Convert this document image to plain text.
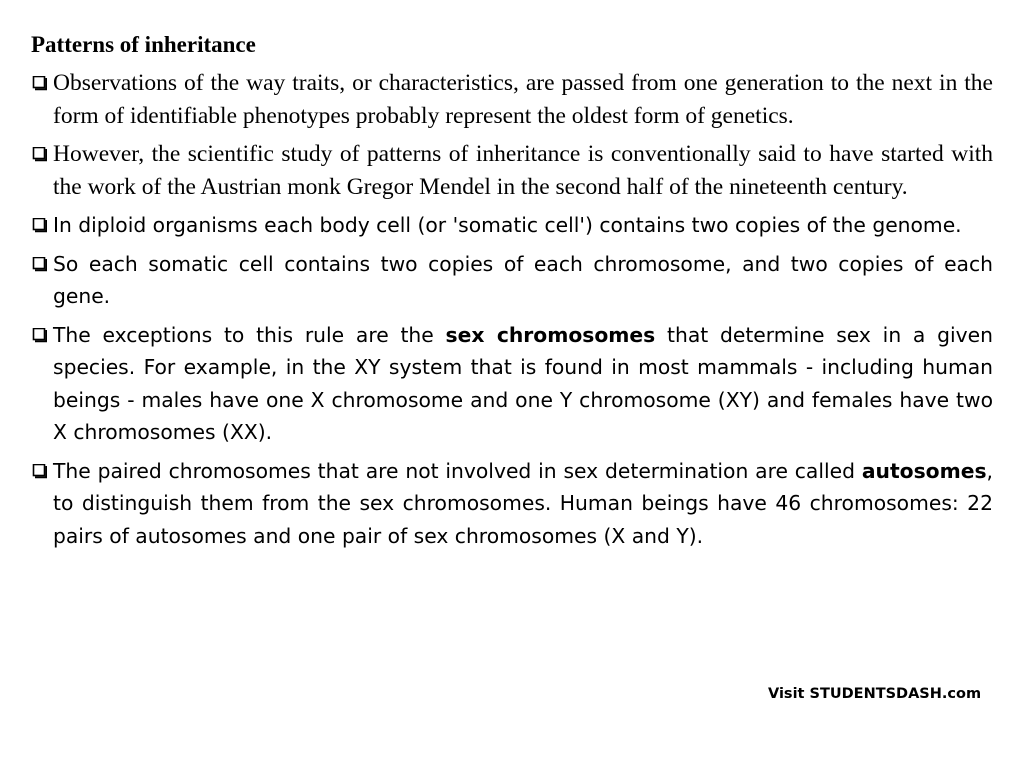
Patterns of inheritance
Observations of the way traits, or characteristics, are passed from one generation to the next in the form of identifiable phenotypes probably represent the oldest form of genetics.
However, the scientific study of patterns of inheritance is conventionally said to have started with the work of the Austrian monk Gregor Mendel in the second half of the nineteenth century.
In diploid organisms each body cell (or 'somatic cell') contains two copies of the genome.
So each somatic cell contains two copies of each chromosome, and two copies of each gene.
The exceptions to this rule are the sex chromosomes that determine sex in a given species. For example, in the XY system that is found in most mammals - including human beings - males have one X chromosome and one Y chromosome (XY) and females have two X chromosomes (XX).
The paired chromosomes that are not involved in sex determination are called autosomes, to distinguish them from the sex chromosomes. Human beings have 46 chromosomes: 22 pairs of autosomes and one pair of sex chromosomes (X and Y).
Visit STUDENTSDASH.com
